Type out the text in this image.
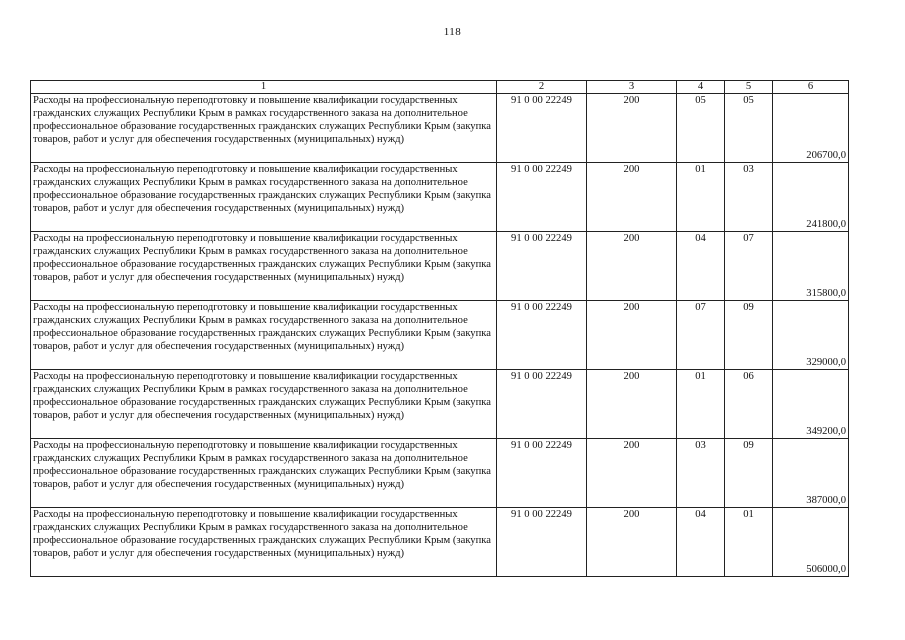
118
1	2	3	4	5	6
Расходы на профессиональную переподготовку и повышение квалификации государственных гражданских служащих Республики Крым в рамках государственного заказа на дополнительное профессиональное образование государственных гражданских служащих Республики Крым (закупка товаров, работ и услуг для обеспечения государственных (муниципальных) нужд)	91 0 00 22249	200	05	05	206700,0
Расходы на профессиональную переподготовку и повышение квалификации государственных гражданских служащих Республики Крым в рамках государственного заказа на дополнительное профессиональное образование государственных гражданских служащих Республики Крым (закупка товаров, работ и услуг для обеспечения государственных (муниципальных) нужд)	91 0 00 22249	200	01	03	241800,0
Расходы на профессиональную переподготовку и повышение квалификации государственных гражданских служащих Республики Крым в рамках государственного заказа на дополнительное профессиональное образование государственных гражданских служащих Республики Крым (закупка товаров, работ и услуг для обеспечения государственных (муниципальных) нужд)	91 0 00 22249	200	04	07	315800,0
Расходы на профессиональную переподготовку и повышение квалификации государственных гражданских служащих Республики Крым в рамках государственного заказа на дополнительное профессиональное образование государственных гражданских служащих Республики Крым (закупка товаров, работ и услуг для обеспечения государственных (муниципальных) нужд)	91 0 00 22249	200	07	09	329000,0
Расходы на профессиональную переподготовку и повышение квалификации государственных гражданских служащих Республики Крым в рамках государственного заказа на дополнительное профессиональное образование государственных гражданских служащих Республики Крым (закупка товаров, работ и услуг для обеспечения государственных (муниципальных) нужд)	91 0 00 22249	200	01	06	349200,0
Расходы на профессиональную переподготовку и повышение квалификации государственных гражданских служащих Республики Крым в рамках государственного заказа на дополнительное профессиональное образование государственных гражданских служащих Республики Крым (закупка товаров, работ и услуг для обеспечения государственных (муниципальных) нужд)	91 0 00 22249	200	03	09	387000,0
Расходы на профессиональную переподготовку и повышение квалификации государственных гражданских служащих Республики Крым в рамках государственного заказа на дополнительное профессиональное образование государственных гражданских служащих Республики Крым (закупка товаров, работ и услуг для обеспечения государственных (муниципальных) нужд)	91 0 00 22249	200	04	01	506000,0
